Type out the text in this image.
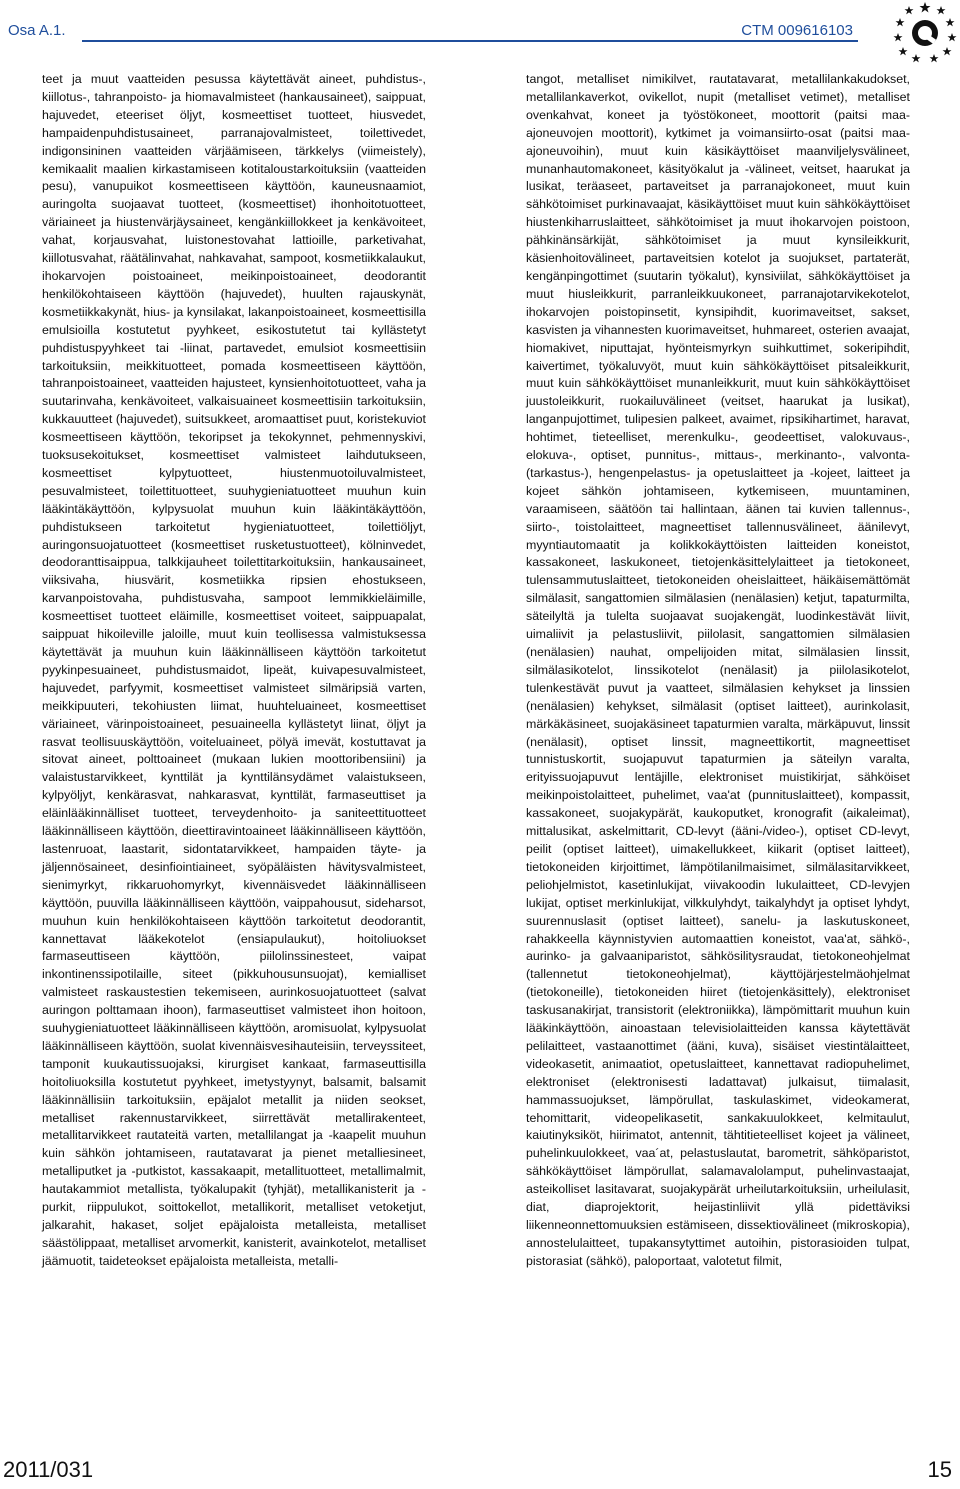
Osa A.1.	CTM 009616103

teet ja muut vaatteiden pesussa käytettävät aineet, puhdistus-, kiillotus-, tahranpoisto- ja hiomavalmisteet (hankausaineet), saippuat, hajuvedet, eteeriset öljyt, kosmeettiset tuotteet, hiusvedet, hampaidenpuhdistusaineet, parranajovalmisteet, toilettivedet, indigonsininen vaatteiden värjäämiseen, tärkkelys (viimeistely), kemikaalit maalien kirkastamiseen kotitaloustarkoituksiin (vaatteiden pesu), vanupuikot kosmeettiseen käyttöön, kauneusnaamiot, auringolta suojaavat tuotteet, (kosmeettiset) ihonhoitotuotteet, väriaineet ja hiustenvärjäysaineet, kengänkiillokkeet ja kenkävoiteet, vahat, korjausvahat, luistonestovahat lattioille, parketivahat, kiillotusvahat, räätälinvahat, nahkavahat, sampoot, kosmetiikkalaukut, ihokarvojen poistoaineet, meikinpoistoaineet, deodorantit henkilökohtaiseen käyttöön (hajuvedet), huulten rajauskynät, kosmetiikkakynät, hius- ja kynsilakat, lakanpoistoaineet, kosmeettisilla emulsioilla kostutetut pyyhkeet, esikostutetut tai kyllästetyt puhdistuspyyhkeet tai -liinat, partavedet, emulsiot kosmeettisiin tarkoituksiin, meikkituotteet, pomada kosmeettiseen käyttöön, tahranpoistoaineet, vaatteiden hajusteet, kynsienhoitotuotteet, vaha ja suutarinvaha, kenkävoiteet, valkaisuaineet kosmeettisiin tarkoituksiin, kukkauutteet (hajuvedet), suitsukkeet, aromaattiset puut, koristekuviot kosmeettiseen käyttöön, tekoripset ja tekokynnet, pehmennyskivi, tuoksusekoitukset, kosmeettiset valmisteet laihdutukseen, kosmeettiset kylpytuotteet, hiustenmuotoiluvalmisteet, pesuvalmisteet, toilettituotteet, suuhygieniatuotteet muuhun kuin lääkintäkäyttöön, kylpysuolat muuhun kuin lääkintäkäyttöön, puhdistukseen tarkoitetut hygieniatuotteet, toilettiöljyt, auringonsuojatuotteet (kosmeettiset rusketustuotteet), kölninvedet, deodoranttisaippua, talkkijauheet toilettitarkoituksiin, hankausaineet, viiksivaha, hiusvärit, kosmetiikka ripsien ehostukseen, karvanpoistovaha, puhdistusvaha, sampoot lemmikkieläimille, kosmeettiset tuotteet eläimille, kosmeettiset voiteet, saippuapalat, saippuat hikoileville jaloille, muut kuin teollisessa valmistuksessa käytettävät ja muuhun kuin lääkinnälliseen käyttöön tarkoitetut pyykinpesuaineet, puhdistusmaidot, lipeät, kuivapesuvalmisteet, hajuvedet, parfyymit, kosmeettiset valmisteet silmäripsiä varten, meikkipuuteri, tekohiusten liimat, huuhteluaineet, kosmeettiset väriaineet, värinpoistoaineet, pesuaineella kyllästetyt liinat, öljyt ja rasvat teollisuuskäyttöön, voiteluaineet, pölyä imevät, kostuttavat ja sitovat aineet, polttoaineet (mukaan lukien moottoribensiini) ja valaistustarvikkeet, kynttilät ja kynttilänsydämet valaistukseen, kylpyöljyt, kenkärasvat, nahkarasvat, kynttilät, farmaseuttiset ja eläinlääkinnälliset tuotteet, terveydenhoito- ja saniteettituotteet lääkinnälliseen käyttöön, dieettiravintoaineet lääkinnälliseen käyttöön, lastenruoat, laastarit, sidontatarvikkeet, hampaiden täyte- ja jäljennösaineet, desinfiointiaineet, syöpäläisten hävitysvalmisteet, sienimyrkyt, rikkaruohomyrkyt, kivennäisvedet lääkinnälliseen käyttöön, puuvilla lääkinnälliseen käyttöön, vaippahousut, sideharsot, muuhun kuin henkilökohtaiseen käyttöön tarkoitetut deodorantit, kannettavat lääkekotelot (ensiapulaukut), hoitoliuokset farmaseuttiseen käyttöön, piilolinssinesteet, vaipat inkontinenssipotilaille, siteet (pikkuhousunsuojat), kemialliset valmisteet raskaustestien tekemiseen, aurinkosuojatuotteet (salvat auringon polttamaan ihoon), farmaseuttiset valmisteet ihon hoitoon, suuhygieniatuotteet lääkinnälliseen käyttöön, aromisuolat, kylpysuolat lääkinnälliseen käyttöön, suolat kivennäisvesihauteisiin, terveyssiteet, tamponit kuukautissuojaksi, kirurgiset kankaat, farmaseuttisilla hoitoliuoksilla kostutetut pyyhkeet, imetystyynyt, balsamit, balsamit lääkinnällisiin tarkoituksiin, epäjalot metallit ja niiden seokset, metalliset rakennustarvikkeet, siirrettävät metallirakenteet, metallitarvikkeet rautateitä varten, metallilangat ja -kaapelit muuhun kuin sähkön johtamiseen, rautatavarat ja pienet metalliesineet, metalliputket ja -putkistot, kassakaapit, metallituotteet, metallimalmit, hautakammiot metallista, työkalupakit (tyhjät), metallikanisterit ja -purkit, riippulukot, soittokellot, metallikorit, metalliset vetoketjut, jalkarahit, hakaset, soljet epäjaloista metalleista, metalliset säästölippaat, metalliset arvomerkit, kanisterit, avainkotelot, metalliset jäämuotit, taideteokset epäjaloista metalleista, metalli-

tangot, metalliset nimikilvet, rautatavarat, metallilankakudokset, metallilankaverkot, ovikellot, nupit (metalliset vetimet), metalliset ovenkahvat, koneet ja työstökoneet, moottorit (paitsi maa-ajoneuvojen moottorit), kytkimet ja voimansiirto-osat (paitsi maa-ajoneuvoihin), muut kuin käsikäyttöiset maanviljelysvälineet, munanhautomakoneet, käsityökalut ja -välineet, veitset, haarukat ja lusikat, teräaseet, partaveitset ja parranajokoneet, muut kuin sähkötoimiset purkinavaajat, käsikäyttöiset muut kuin sähkökäyttöiset hiustenkiharruslaitteet, sähkötoimiset ja muut ihokarvojen poistoon, pähkinänsärkijät, sähkötoimiset ja muut kynsileikkurit, käsienhoitovälineet, partaveitsien kotelot ja suojukset, partaterät, kengänpingottimet (suutarin työkalut), kynsiviilat, sähkökäyttöiset ja muut hiusleikkurit, parranleikkuukoneet, parranajotarvikekotelot, ihokarvojen poistopinsetit, kynsipihdit, kuorimaveitset, sakset, kasvisten ja vihannesten kuorimaveitset, huhmareet, osterien avaajat, hiomakivet, niputtajat, hyönteismyrkyn suihkuttimet, sokeripihdit, kaivertimet, työkaluvyöt, muut kuin sähkökäyttöiset pitsaleikkurit, muut kuin sähkökäyttöiset munanleikkurit, muut kuin sähkökäyttöiset juustoleikkurit, ruokailuvälineet (veitset, haarukat ja lusikat), langanpujottimet, tulipesien palkeet, avaimet, ripsikihartimet, haravat, hohtimet, tieteelliset, merenkulku-, geodeettiset, valokuvaus-, elokuva-, optiset, punnitus-, mittaus-, merkinanto-, valvonta- (tarkastus-), hengenpelastus- ja opetuslaitteet ja -kojeet, laitteet ja kojeet sähkön johtamiseen, kytkemiseen, muuntaminen, varaamiseen, säätöön tai hallintaan, äänen tai kuvien tallennus-, siirto-, toistolaitteet, magneettiset tallennusvälineet, äänilevyt, myyntiautomaatit ja kolikkokäyttöisten laitteiden koneistot, kassakoneet, laskukoneet, tietojenkäsittelylaitteet ja tietokoneet, tulensammutuslaitteet, tietokoneiden oheislaitteet, häikäisemättömät silmälasit, sangattomien silmälasien (nenälasien) ketjut, tapaturmilta, säteilyltä ja tulelta suojaavat suojakengät, luodinkestävät liivit, uimaliivit ja pelastusliivit, piilolasit, sangattomien silmälasien (nenälasien) nauhat, ompelijoiden mitat, silmälasien linssit, silmälasikotelot, linssikotelot (nenälasit) ja piilolasikotelot, tulenkestävät puvut ja vaatteet, silmälasien kehykset ja linssien (nenälasien) kehykset, silmälasit (optiset laitteet), aurinkolasit, märkäkäsineet, suojakäsineet tapaturmien varalta, märkäpuvut, linssit (nenälasit), optiset linssit, magneettikortit, magneettiset tunnistuskortit, suojapuvut tapaturmien ja säteilyn varalta, erityissuojapuvut lentäjille, elektroniset muistikirjat, sähköiset meikinpoistolaitteet, puhelimet, vaa'at (punnituslaitteet), kompassit, kassakoneet, suojakypärät, kaukoputket, kronografit (aikaleimat), mittalusikat, askelmittarit, CD-levyt (ääni-/video-), optiset CD-levyt, peilit (optiset laitteet), uimakellukkeet, kiikarit (optiset laitteet), tietokoneiden kirjoittimet, lämpötilanilmaisimet, silmälasitarvikkeet, peliohjelmistot, kasetinlukijat, viivakoodin lukulaitteet, CD-levyjen lukijat, optiset merkinlukijat, vilkkulyhdyt, taikalyhdyt ja optiset lyhdyt, suurennuslasit (optiset laitteet), sanelu- ja laskutuskoneet, rahakkeella käynnistyvien automaattien koneistot, vaa'at, sähkö-, aurinko- ja galvaaniparistot, sähkösilitysraudat, tietokoneohjelmat (tallennetut tietokoneohjelmat), käyttöjärjestelmäohjelmat (tietokoneille), tietokoneiden hiiret (tietojenkäsittely), elektroniset taskusanakirjat, transistorit (elektroniikka), lämpömittarit muuhun kuin lääkinkäyttöön, ainoastaan televisiolaitteiden kanssa käytettävät pelilaitteet, vastaanottimet (ääni, kuva), sisäiset viestintälaitteet, videokasetit, animaatiot, opetuslaitteet, kannettavat radiopuhelimet, elektroniset (elektronisesti ladattavat) julkaisut, tiimalasit, hammassuojukset, lämpörullat, taskulaskimet, videokamerat, tehomittarit, videopelikasetit, sankakuulokkeet, kelmitaulut, kaiutinyksiköt, hiirimatot, antennit, tähtitieteelliset kojeet ja välineet, puhelinkuulokkeet, vaa´at, pelastuslautat, barometrit, sähköparistot, sähkökäyttöiset lämpörullat, salamavalolamput, puhelinvastaajat, asteikolliset lasitavarat, suojakypärät urheilutarkoituksiin, urheilulasit, diat, diaprojektorit, heijastinliivit yllä pidettäviksi liikenneonnettomuuksien estämiseen, dissektiovälineet (mikroskopia), annostelulaitteet, tupakansytyttimet autoihin, pistorasioiden tulpat, pistorasiat (sähkö), paloportaat, valotetut filmit,

2011/031	15
